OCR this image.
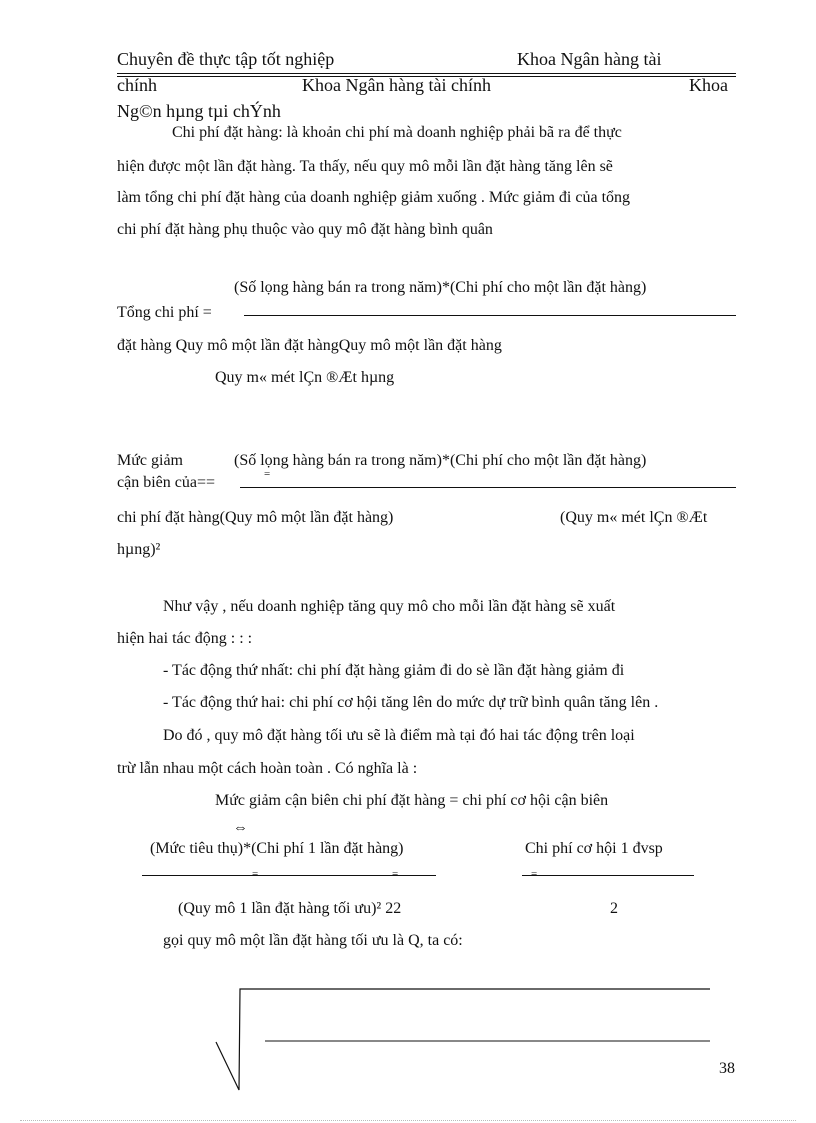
Chuyên đề thực tập tốt nghiệp	Khoa Ngân hàng tài
chính	Khoa Ngân hàng tài chính	Khoa
Ng©n hµng tµi chÝnh
Chi phí đặt hàng: là khoản chi phí mà doanh nghiệp phải bã ra để thực
hiện được một lần đặt hàng. Ta thấy, nếu quy mô mỗi lần đặt hàng tăng lên sẽ
làm tổng chi phí đặt hàng của doanh nghiệp giảm xuống . Mức giảm đi của tổng
chi phí đặt hàng phụ thuộc vào quy mô đặt hàng bình quân
(Số lọng hàng bán ra trong năm)*(Chi phí cho một lần đặt hàng)
Tổng chi phí =
đặt hàng Quy mô một lần đặt hàngQuy mô một lần đặt hàng
Quy m« mét lÇn ®Æt hµng
Mức giảm	(Số lọng hàng bán ra trong năm)*(Chi phí cho một lần đặt hàng)
cận biên của==	=
chi phí đặt hàng(Quy mô một lần đặt hàng)	(Quy m« mét lÇn ®Æt
hµng)²
Như vậy , nếu doanh nghiệp tăng quy mô cho mỗi lần đặt hàng sẽ xuất
hiện hai tác động : : :
- Tác động thứ nhất: chi phí đặt hàng giảm đi do sè lần đặt hàng giảm đi
- Tác động thứ hai: chi phí cơ hội tăng lên do mức dự trữ bình quân tăng lên .
Do đó , quy mô đặt hàng tối ưu sẽ là điểm mà tại đó hai tác động trên loại
trừ lẫn nhau một cách hoàn toàn . Có nghĩa là :
Mức giảm cận biên chi phí đặt hàng = chi phí cơ hội cận biên
⇔
(Mức tiêu thụ)*(Chi phí 1 lần đặt hàng)	Chi phí cơ hội 1 đvsp
=	=	=
(Quy mô 1 lần đặt hàng tối ưu)² 22	2
gọi quy mô một lần đặt hàng tối ưu là Q, ta có:
38
